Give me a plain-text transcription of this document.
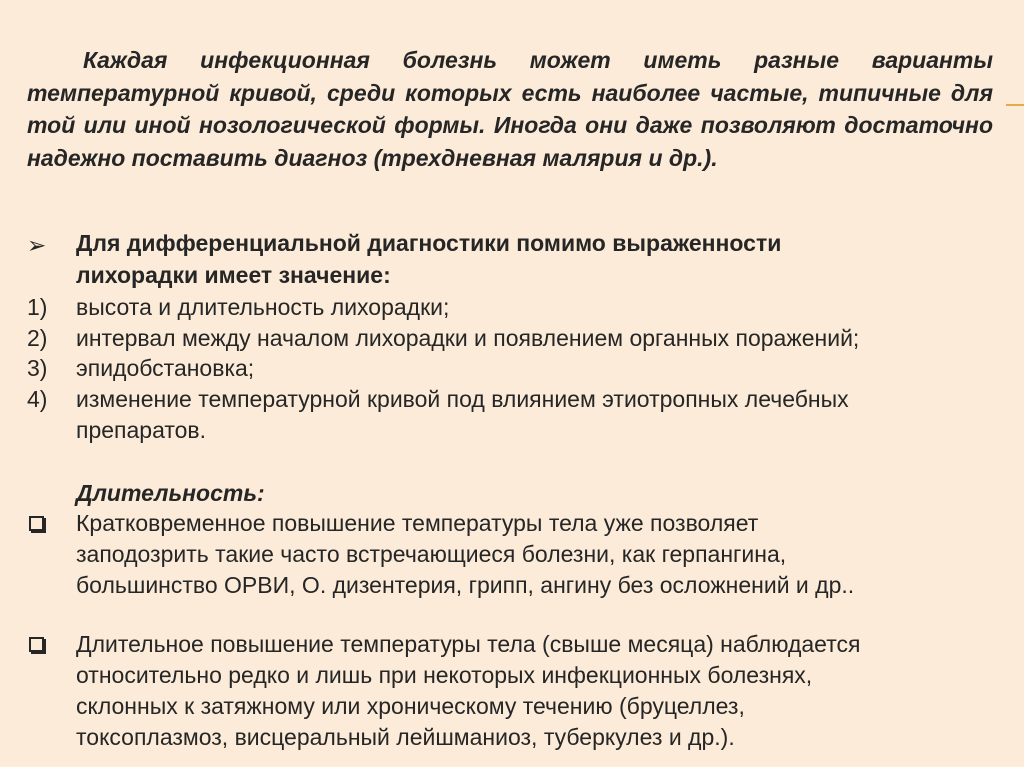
Каждая инфекционная болезнь может иметь разные варианты температурной кривой, среди которых есть наиболее частые, типичные для той или иной нозологической формы. Иногда они даже позволяют достаточно надежно поставить диагноз (трехдневная малярия и др.).

➢ Для дифференциальной диагностики помимо выраженности
лихорадки имеет значение:
1) высота и длительность лихорадки;
2) интервал между началом лихорадки и появлением органных поражений;
3) эпидобстановка;
4) изменение температурной кривой под влиянием этиотропных лечебных
препаратов.
Длительность:
Кратковременное повышение температуры тела уже позволяет
заподозрить такие часто встречающиеся болезни, как герпангина,
большинство ОРВИ, О. дизентерия, грипп, ангину без осложнений и др..
Длительное повышение температуры тела (свыше месяца) наблюдается
относительно редко и лишь при некоторых инфекционных болезнях,
склонных к затяжному или хроническому течению (бруцеллез,
токсоплазмоз, висцеральный лейшманиоз, туберкулез и др.).
